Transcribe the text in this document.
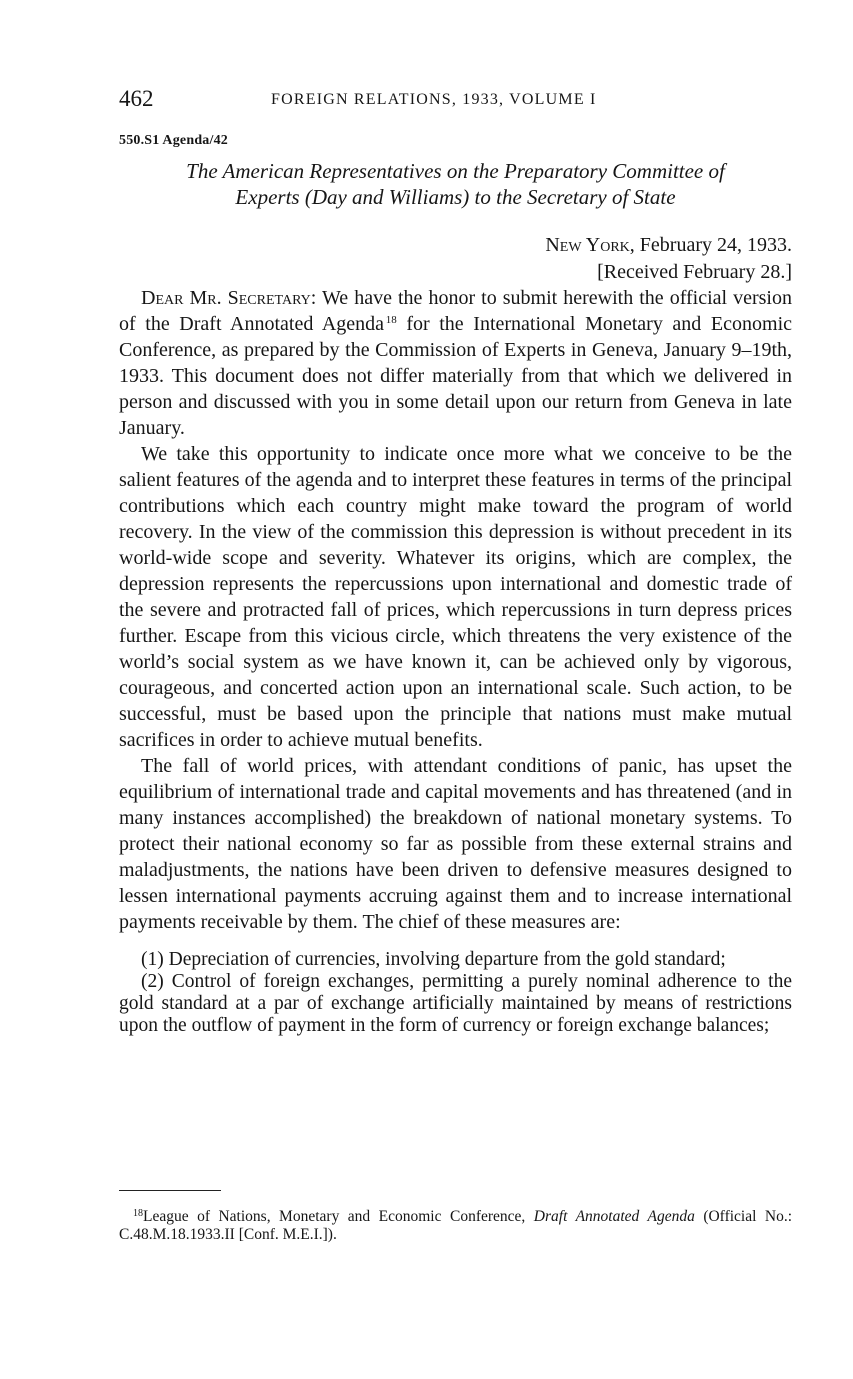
462	FOREIGN RELATIONS, 1933, VOLUME I
550.S1 Agenda/42
The American Representatives on the Preparatory Committee of
Experts (Day and Williams) to the Secretary of State
New York, February 24, 1933.
[Received February 28.]

Dear Mr. Secretary: We have the honor to submit herewith the official version of the Draft Annotated Agenda  $^{18}$ for the International Monetary and Economic Conference, as prepared by the Commission of Experts in Geneva, January 9–19th, 1933. This document does not differ materially from that which we delivered in person and discussed with you in some detail upon our return from Geneva in late January.

We take this opportunity to indicate once more what we conceive to be the salient features of the agenda and to interpret these features in terms of the principal contributions which each country might make toward the program of world recovery. In the view of the commission this depression is without precedent in its world-wide scope and severity. Whatever its origins, which are complex, the depression represents the repercussions upon international and domestic trade of the severe and protracted fall of prices, which repercussions in turn depress prices further. Escape from this vicious circle, which threatens the very existence of the world’s social system as we have known it, can be achieved only by vigorous, courageous, and concerted action upon an international scale. Such action, to be successful, must be based upon the principle that nations must make mutual sacrifices in order to achieve mutual benefits.

The fall of world prices, with attendant conditions of panic, has upset the equilibrium of international trade and capital movements and has threatened (and in many instances accomplished) the breakdown of national monetary systems. To protect their national economy so far as possible from these external strains and maladjustments, the nations have been driven to defensive measures designed to lessen international payments accruing against them and to increase international payments receivable by them. The chief of these measures are:

(1) Depreciation of currencies, involving departure from the gold standard;

(2) Control of foreign exchanges, permitting a purely nominal adherence to the gold standard at a par of exchange artificially maintained by means of restrictions upon the outflow of payment in the form of currency or foreign exchange balances;

$^{18}$League of Nations, Monetary and Economic Conference, Draft Annotated Agenda (Official No.: C.48.M.18.1933.II [Conf. M.E.I.]).
